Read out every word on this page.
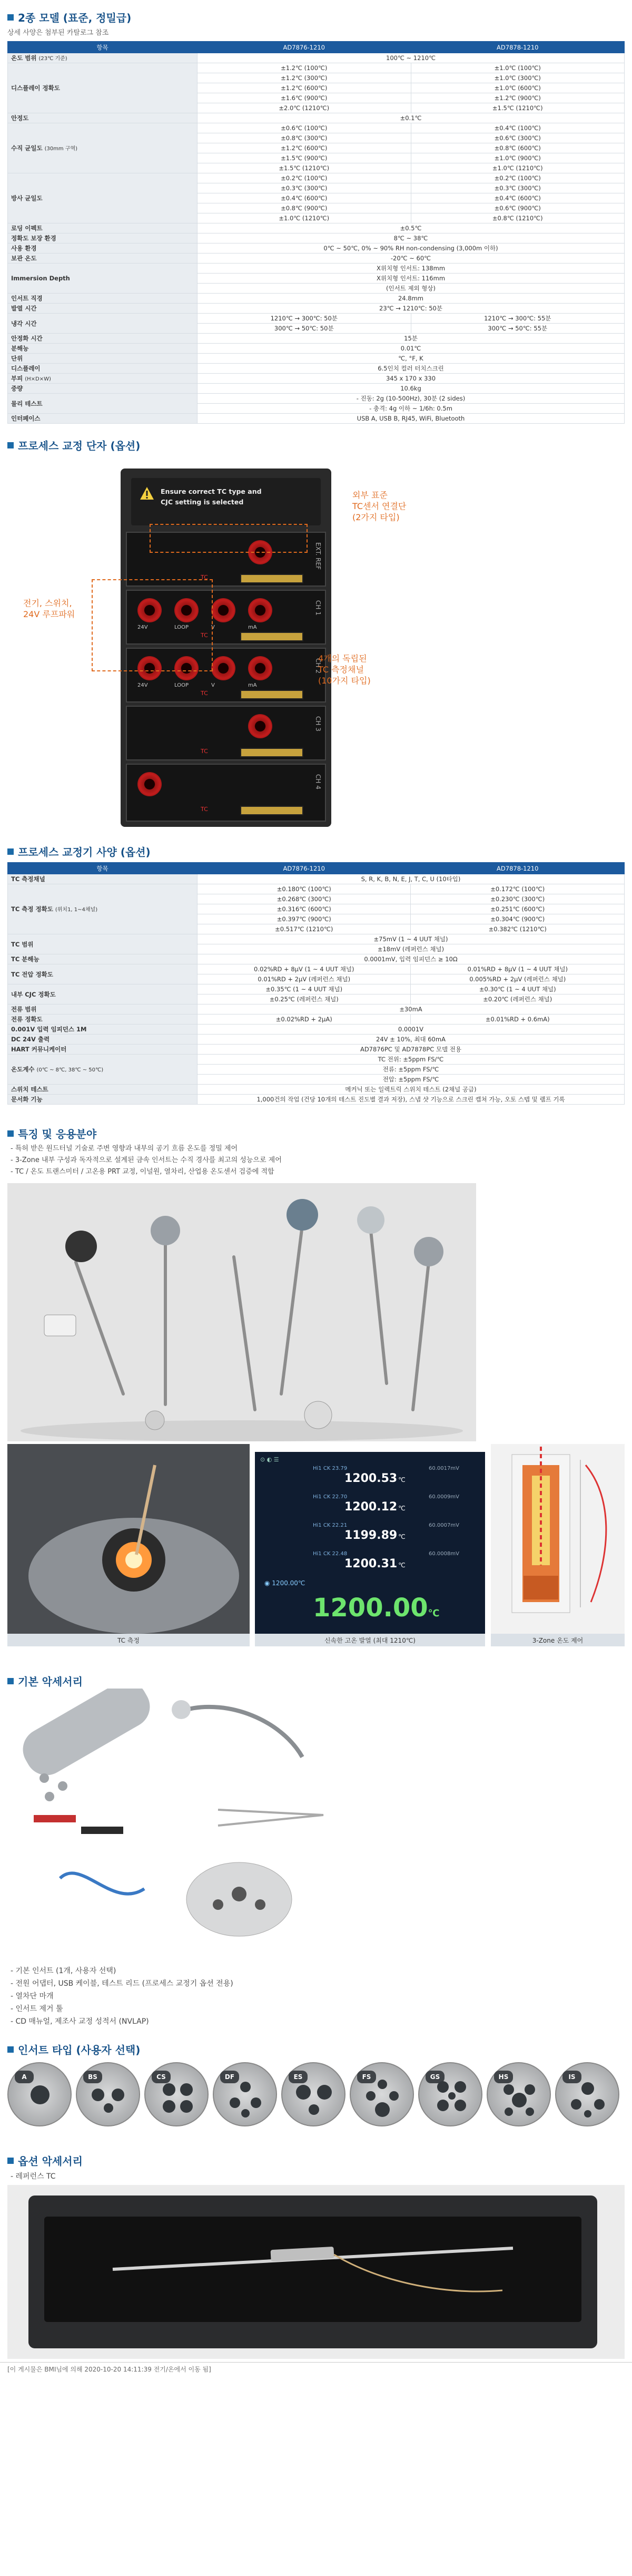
2종 모델 (표준, 정밀급)
상세 사양은 첨부된 카탈로그 참조
항목	AD7876-1210	AD7878-1210
온도 범위 (23℃ 기준)	100℃ ~ 1210℃	
디스플레이 정확도	±1.2℃ (100℃)	±1.0℃ (100℃)
	±1.2℃ (300℃)	±1.0℃ (300℃)
	±1.2℃ (600℃)	±1.0℃ (600℃)
	±1.6℃ (900℃)	±1.2℃ (900℃)
	±2.0℃ (1210℃)	±1.5℃ (1210℃)
안정도	±0.1℃	
수직 균일도 (30mm 구역)	±0.6℃ (100℃)	±0.4℃ (100℃)
	±0.8℃ (300℃)	±0.6℃ (300℃)
	±1.2℃ (600℃)	±0.8℃ (600℃)
	±1.5℃ (900℃)	±1.0℃ (900℃)
	±1.5℃ (1210℃)	±1.0℃ (1210℃)
방사 균일도	±0.2℃ (100℃)	±0.2℃ (100℃)
	±0.3℃ (300℃)	±0.3℃ (300℃)
	±0.4℃ (600℃)	±0.4℃ (600℃)
	±0.8℃ (900℃)	±0.6℃ (900℃)
	±1.0℃ (1210℃)	±0.8℃ (1210℃)
로딩 이펙트	±0.5℃	
정확도 보장 환경	8℃ ~ 38℃	
사용 환경	0℃ ~ 50℃, 0% ~ 90% RH non-condensing (3,000m 이하)	
보관 온도	-20℃ ~ 60℃	
Immersion Depth	X위치형 인서트: 138mm	
	X위치형 인서트: 116mm	
	(인서트 제외 형상)	
인서트 직경	24.8mm	
발열 시간	23℃ → 1210℃: 50분	
냉각 시간	1210℃ → 300℃: 50분	1210℃ → 300℃: 55분
	300℃ → 50℃: 50분	300℃ → 50℃: 55분
안정화 시간	15분	
분해능	0.01℃	
단위	℃, °F, K	
디스플레이	6.5인치 컬러 터치스크린	
부피 (H×D×W)	345 x 170 x 330	
중량	10.6kg	
물리 테스트	- 진동: 2g (10-500Hz), 30분 (2 sides)	
	- 충격: 4g 이하 ~ 1/6h: 0.5m	
인터페이스	USB A, USB B, RJ45, WiFi, Bluetooth	
프로세스 교정 단자 (옵션)
Ensure correct TC type and
CJC setting is selected
EXT. REF
TC
CH 1
24V	LOOP	V	mA
TC
CH 2
24V	LOOP	V	mA
TC
CH 3
TC
CH 4
TC
외부 표준
TC센서 연결단
(2가지 타입)
전기, 스위치,
24V 루프파워
4개의 독립된
TC 측정채널
(10가지 타입)
프로세스 교정기 사양 (옵션)
항목	AD7876-1210	AD7878-1210
TC 측정채널	S, R, K, B, N, E, J, T, C, U (10타입)	
TC 측정 정확도 (위치1, 1~4채널)	±0.180℃ (100℃)	±0.172℃ (100℃)
	±0.268℃ (300℃)	±0.230℃ (300℃)
	±0.316℃ (600℃)	±0.251℃ (600℃)
	±0.397℃ (900℃)	±0.304℃ (900℃)
	±0.517℃ (1210℃)	±0.382℃ (1210℃)
TC 범위	±75mV (1 ~ 4 UUT 채널)	
	±18mV (레퍼런스 채널)	
TC 분해능	0.0001mV, 입력 임피던스 ≥ 10Ω	
TC 전압 정확도	0.02%RD + 8μV (1 ~ 4 UUT 채널)	0.01%RD + 8μV (1 ~ 4 UUT 채널)
	0.01%RD + 2μV (레퍼런스 채널)	0.005%RD + 2μV (레퍼런스 채널)
내부 CJC 정확도	±0.35℃ (1 ~ 4 UUT 채널)	±0.30℃ (1 ~ 4 UUT 채널)
	±0.25℃ (레퍼런스 채널)	±0.20℃ (레퍼런스 채널)
전류 범위	±30mA	
전류 정확도	±0.02%RD + 2μA)	±0.01%RD + 0.6mA)
0.001V 입력 임피던스 1M	0.0001V	
DC 24V 출력	24V ± 10%, 최대 60mA	
HART 커뮤니케이터	AD7876PC 및 AD7878PC 모델 전용	
온도계수 (0℃ ~ 8℃, 38℃ ~ 50℃)	TC 전위: ±5ppm FS/℃	
	전류: ±5ppm FS/℃	
	전압: ±5ppm FS/℃	
스위치 테스트	메커닉 또는 일렉트릭 스위치 테스트 (2채널 공급)	
문서화 기능	1,000건의 작업 (건당 10개의 테스트 진도별 결과 저장), 스냅 샷 기능으로 스크린 캡쳐 가능, 오토 스텝 및 램프 기록	
특징 및 응용분야
- 특허 받은 원드터널 기술로 주변 영향과 내부의 공기 흐름 온도를 정밀 제어
- 3-Zone 내부 구성과 독자적으로 설계된 금속 인서트는 수직 경사를 최고의 성능으로 제어
- TC / 온도 트랜스미터 / 고온용 PRT 교정, 이널원, 열차리, 산업용 온도센서 검증에 적합
⊙ ◐ ☰
Hi1 CK 23.79
1200.53 ℃
60.0017mV
Hi1 CK 22.70
1200.12 ℃
60.0009mV
Hi1 CK 22.21
1199.89 ℃
60.0007mV
Hi1 CK 22.48
1200.31 ℃
60.0008mV
◉ 1200.00℃
1200.00℃
TC 측정	신속한 고온 발열 (최대 1210℃)	3-Zone 온도 제어
기본 악세서리
- 기본 인서트 (1개, 사용자 선택)
- 전원 어댑터, USB 케이블, 테스트 리드 (프로세스 교정기 옵션 전용)
- 열차단 마개
- 인서트 제거 툴
- CD 매뉴얼, 제조사 교정 성적서 (NVLAP)
인서트 타입 (사용자 선택)
A	BS	CS	DF	ES	FS	GS	HS	IS
옵션 악세서리
- 레퍼런스 TC
[이 게시물은 BMI님에 의해 2020-10-20 14:11:39 전기/온에서 이동 됨]
